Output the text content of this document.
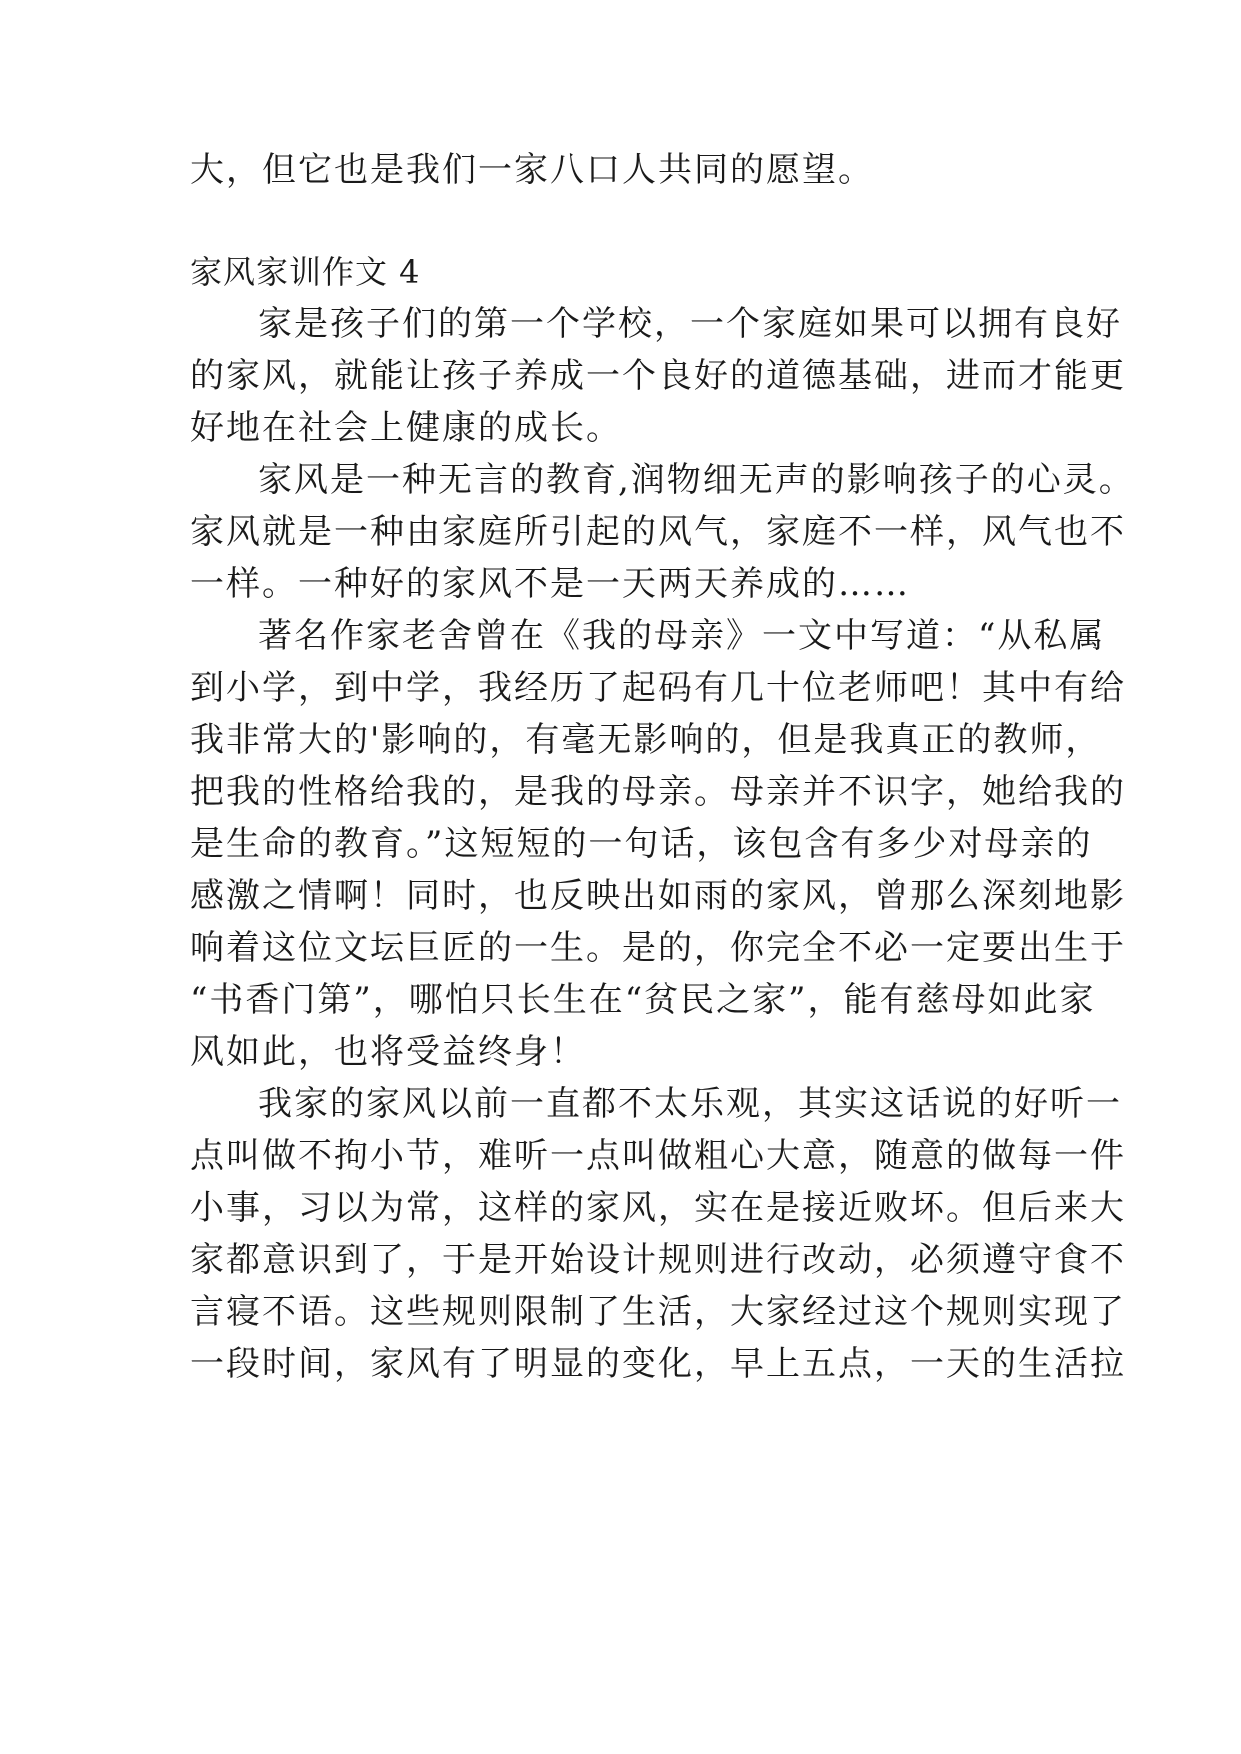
大，但它也是我们一家八口人共同的愿望。
家风家训作文 4
家是孩子们的第一个学校，一个家庭如果可以拥有良好
的家风，就能让孩子养成一个良好的道德基础，进而才能更
好地在社会上健康的成长。
家风是一种无言的教育,润物细无声的影响孩子的心灵。
家风就是一种由家庭所引起的风气，家庭不一样，风气也不
一样。一种好的家风不是一天两天养成的……
著名作家老舍曾在《我的母亲》一文中写道：“从私属
到小学，到中学，我经历了起码有几十位老师吧！其中有给
我非常大的'影响的，有毫无影响的，但是我真正的教师，
把我的性格给我的，是我的母亲。母亲并不识字，她给我的
是生命的教育。”这短短的一句话，该包含有多少对母亲的
感激之情啊！同时，也反映出如雨的家风，曾那么深刻地影
响着这位文坛巨匠的一生。是的，你完全不必一定要出生于
“书香门第”，哪怕只长生在“贫民之家”，能有慈母如此家
风如此，也将受益终身！
我家的家风以前一直都不太乐观，其实这话说的好听一
点叫做不拘小节，难听一点叫做粗心大意，随意的做每一件
小事，习以为常，这样的家风，实在是接近败坏。但后来大
家都意识到了，于是开始设计规则进行改动，必须遵守食不
言寝不语。这些规则限制了生活，大家经过这个规则实现了
一段时间，家风有了明显的变化，早上五点，一天的生活拉
